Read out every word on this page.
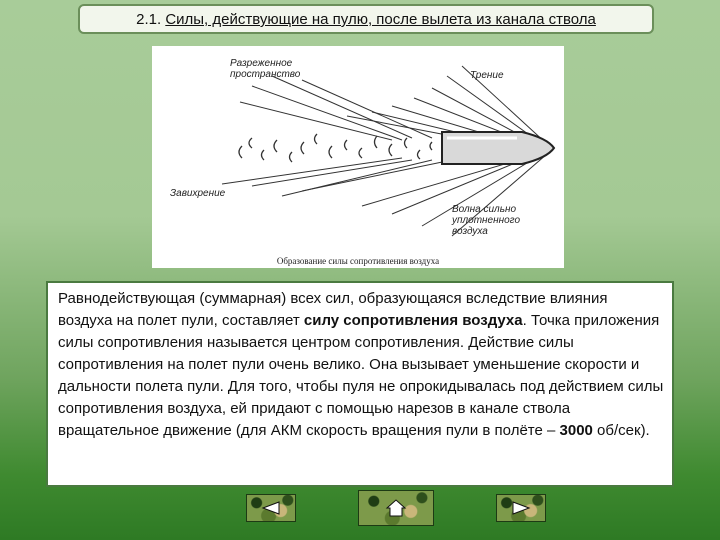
2.1. Силы, действующие на пулю, после вылета из канала ствола
Разреженное
пространство	Трение
Завихрение
Волна сильно
уплотненного
воздуха
Образование силы сопротивления воздуха
Равнодействующая (суммарная) всех сил, образующаяся вследствие влияния воздуха на полет пули, составляет силу сопротивления воздуха. Точка приложения силы сопротивления называется центром сопротивления. Действие силы сопротивления на полет пули очень велико. Она вызывает уменьшение скорости и дальности полета пули. Для того, чтобы пуля не опрокидывалась под действием силы сопротивления воздуха, ей придают с помощью нарезов в канале ствола вращательное движение (для АКМ скорость вращения пули в полёте – 3000 об/сек).
